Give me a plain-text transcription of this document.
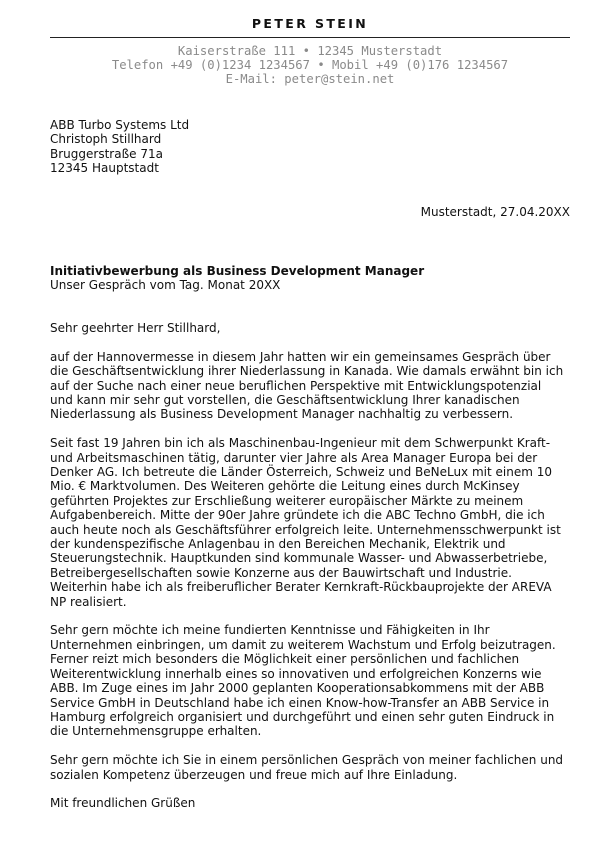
PETER STEIN
Kaiserstraße 111 • 12345 Musterstadt
Telefon +49 (0)1234 1234567 • Mobil +49 (0)176 1234567
E-Mail: peter@stein.net
ABB Turbo Systems Ltd
Christoph Stillhard
Bruggerstraße 71a
12345 Hauptstadt
Musterstadt, 27.04.20XX
Initiativbewerbung als Business Development Manager
Unser Gespräch vom Tag. Monat 20XX

Sehr geehrter Herr Stillhard,

auf der Hannovermesse in diesem Jahr hatten wir ein gemeinsames Gespräch über
die Geschäftsentwicklung ihrer Niederlassung in Kanada. Wie damals erwähnt bin ich
auf der Suche nach einer neue beruflichen Perspektive mit Entwicklungspotenzial
und kann mir sehr gut vorstellen, die Geschäftsentwicklung Ihrer kanadischen
Niederlassung als Business Development Manager nachhaltig zu verbessern.

Seit fast 19 Jahren bin ich als Maschinenbau-Ingenieur mit dem Schwerpunkt Kraft-
und Arbeitsmaschinen tätig, darunter vier Jahre als Area Manager Europa bei der
Denker AG. Ich betreute die Länder Österreich, Schweiz und BeNeLux mit einem 10
Mio. € Marktvolumen. Des Weiteren gehörte die Leitung eines durch McKinsey
geführten Projektes zur Erschließung weiterer europäischer Märkte zu meinem
Aufgabenbereich. Mitte der 90er Jahre gründete ich die ABC Techno GmbH, die ich
auch heute noch als Geschäftsführer erfolgreich leite. Unternehmensschwerpunkt ist
der kundenspezifische Anlagenbau in den Bereichen Mechanik, Elektrik und
Steuerungstechnik. Hauptkunden sind kommunale Wasser- und Abwasserbetriebe,
Betreibergesellschaften sowie Konzerne aus der Bauwirtschaft und Industrie.
Weiterhin habe ich als freiberuflicher Berater Kernkraft-Rückbauprojekte der AREVA
NP realisiert.

Sehr gern möchte ich meine fundierten Kenntnisse und Fähigkeiten in Ihr
Unternehmen einbringen, um damit zu weiterem Wachstum und Erfolg beizutragen.
Ferner reizt mich besonders die Möglichkeit einer persönlichen und fachlichen
Weiterentwicklung innerhalb eines so innovativen und erfolgreichen Konzerns wie
ABB. Im Zuge eines im Jahr 2000 geplanten Kooperationsabkommens mit der ABB
Service GmbH in Deutschland habe ich einen Know-how-Transfer an ABB Service in
Hamburg erfolgreich organisiert und durchgeführt und einen sehr guten Eindruck in
die Unternehmensgruppe erhalten.

Sehr gern möchte ich Sie in einem persönlichen Gespräch von meiner fachlichen und
sozialen Kompetenz überzeugen und freue mich auf Ihre Einladung.

Mit freundlichen Grüßen
